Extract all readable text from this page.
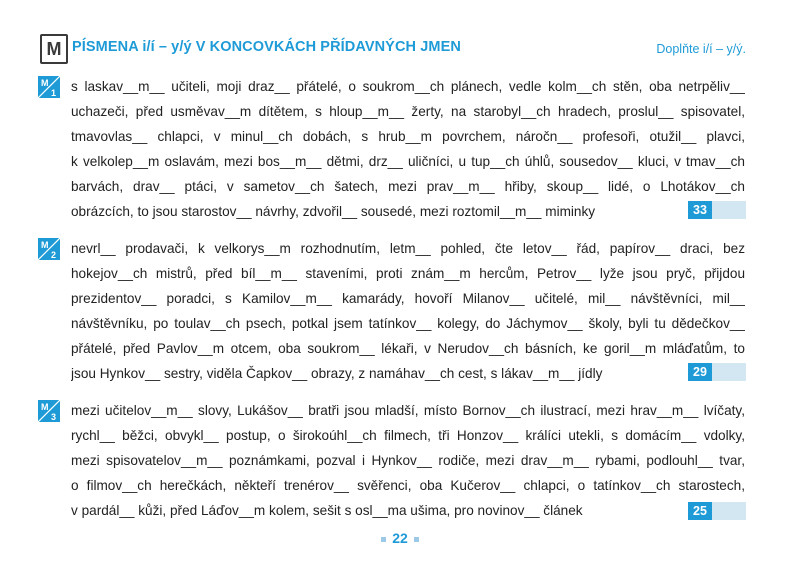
M PÍSMENA i/í – y/ý V KONCOVKÁCH PŘÍDAVNÝCH JMEN	Doplňte i/í – y/ý.
M
1 s laskav__m__ učiteli, moji draz__ přátelé, o soukrom__ch plánech, vedle kolm__ch stěn, oba netrpěliv__
uchazeči, před usměvav__m dítětem, s hloup__m__ žerty, na starobyl__ch hradech, proslul__ spisovatel,
tmavovlas__ chlapci, v minul__ch dobách, s hrub__m povrchem, náročn__ profesoři, otužil__ plavci,
k velkolep__m oslavám, mezi bos__m__ dětmi, drz__ uličníci, u tup__ch úhlů, sousedov__ kluci, v tmav__ch
barvách, drav__ ptáci, v sametov__ch šatech, mezi prav__m__ hřiby, skoup__ lidé, o Lhotákov__ch
obrázcích, to jsou starostov__ návrhy, zdvořil__ sousedé, mezi roztomil__m__ miminky	33
M
2 nevrl__ prodavači, k velkorys__m rozhodnutím, letm__ pohled, čte letov__ řád, papírov__ draci, bez
hokejov__ch mistrů, před bíl__m__ staveními, proti znám__m hercům, Petrov__ lyže jsou pryč, přijdou
prezidentov__ poradci, s Kamilov__m__ kamarády, hovoří Milanov__ učitelé, mil__ návštěvníci, mil__
návštěvníku, po toulav__ch psech, potkal jsem tatínkov__ kolegy, do Jáchymov__ školy, byli tu dědečkov__
přátelé, před Pavlov__m otcem, oba soukrom__ lékaři, v Nerudov__ch básních, ke goril__m mláďatům, to
jsou Hynkov__ sestry, viděla Čapkov__ obrazy, z namáhav__ch cest, s lákav__m__ jídly	29
M
3 mezi učitelov__m__ slovy, Lukášov__ bratři jsou mladší, místo Bornov__ch ilustrací, mezi hrav__m__ lvíčaty,
rychl__ běžci, obvykl__ postup, o širokoúhl__ch filmech, tři Honzov__ králíci utekli, s domácím__ vdolky,
mezi spisovatelov__m__ poznámkami, pozval i Hynkov__ rodiče, mezi drav__m__ rybami, podlouhl__ tvar,
o filmov__ch herečkách, někteří trenérov__ svěřenci, oba Kučerov__ chlapci, o tatínkov__ch starostech,
v pardál__ kůži, před Láďov__m kolem, sešit s osl__ma ušima, pro novinov__ článek	25
22
